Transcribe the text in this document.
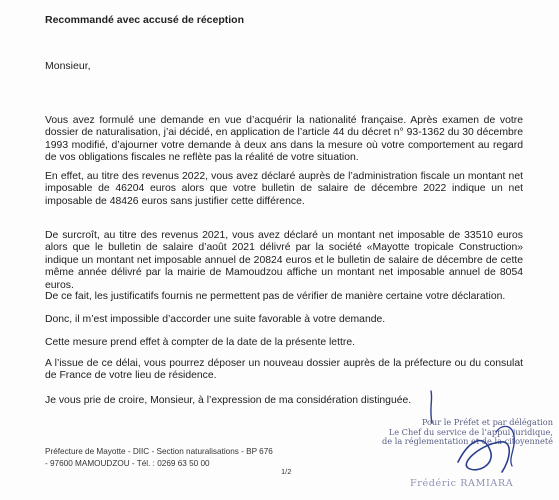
Recommandé avec accusé de réception
Monsieur,
Vous avez formulé une demande en vue d’acquérir la nationalité française. Après examen de votre dossier de naturalisation, j’ai décidé, en application de l’article 44 du décret n° 93-1362 du 30 décembre 1993 modifié, d’ajourner votre demande à deux ans dans la mesure où votre comportement au regard de vos obligations fiscales ne reflète pas la réalité de votre situation.
En effet, au titre des revenus 2022, vous avez déclaré auprès de l’administration fiscale un montant net imposable de 46204 euros alors que votre bulletin de salaire de décembre 2022 indique un net imposable de 48426 euros sans justifier cette différence.
De surcroît, au titre des revenus 2021, vous avez déclaré un montant net imposable de 33510 euros alors que le bulletin de salaire d’août 2021 délivré par la société «Mayotte tropicale Construction» indique un montant net imposable annuel de 20824 euros et le bulletin de salaire de décembre de cette même année délivré par la mairie de Mamoudzou affiche un montant net imposable annuel de 8054 euros.
De ce fait, les justificatifs fournis ne permettent pas de vérifier de manière certaine votre déclaration.
Donc, il m’est impossible d’accorder une suite favorable à votre demande.
Cette mesure prend effet à compter de la date de la présente lettre.
A l’issue de ce délai, vous pourrez déposer un nouveau dossier auprès de la préfecture ou du consulat de France de votre lieu de résidence.
Je vous prie de croire, Monsieur, à l’expression de ma considération distinguée.
Pour le Préfet et par délégation
Le Chef du service de l’appui juridique,
de la réglementation et de la citoyenneté
Frédéric RAMIARA
Préfecture de Mayotte - DIIC - Section naturalisations - BP 676
- 97600 MAMOUDZOU - Tél. : 0269 63 50 00
1/2
